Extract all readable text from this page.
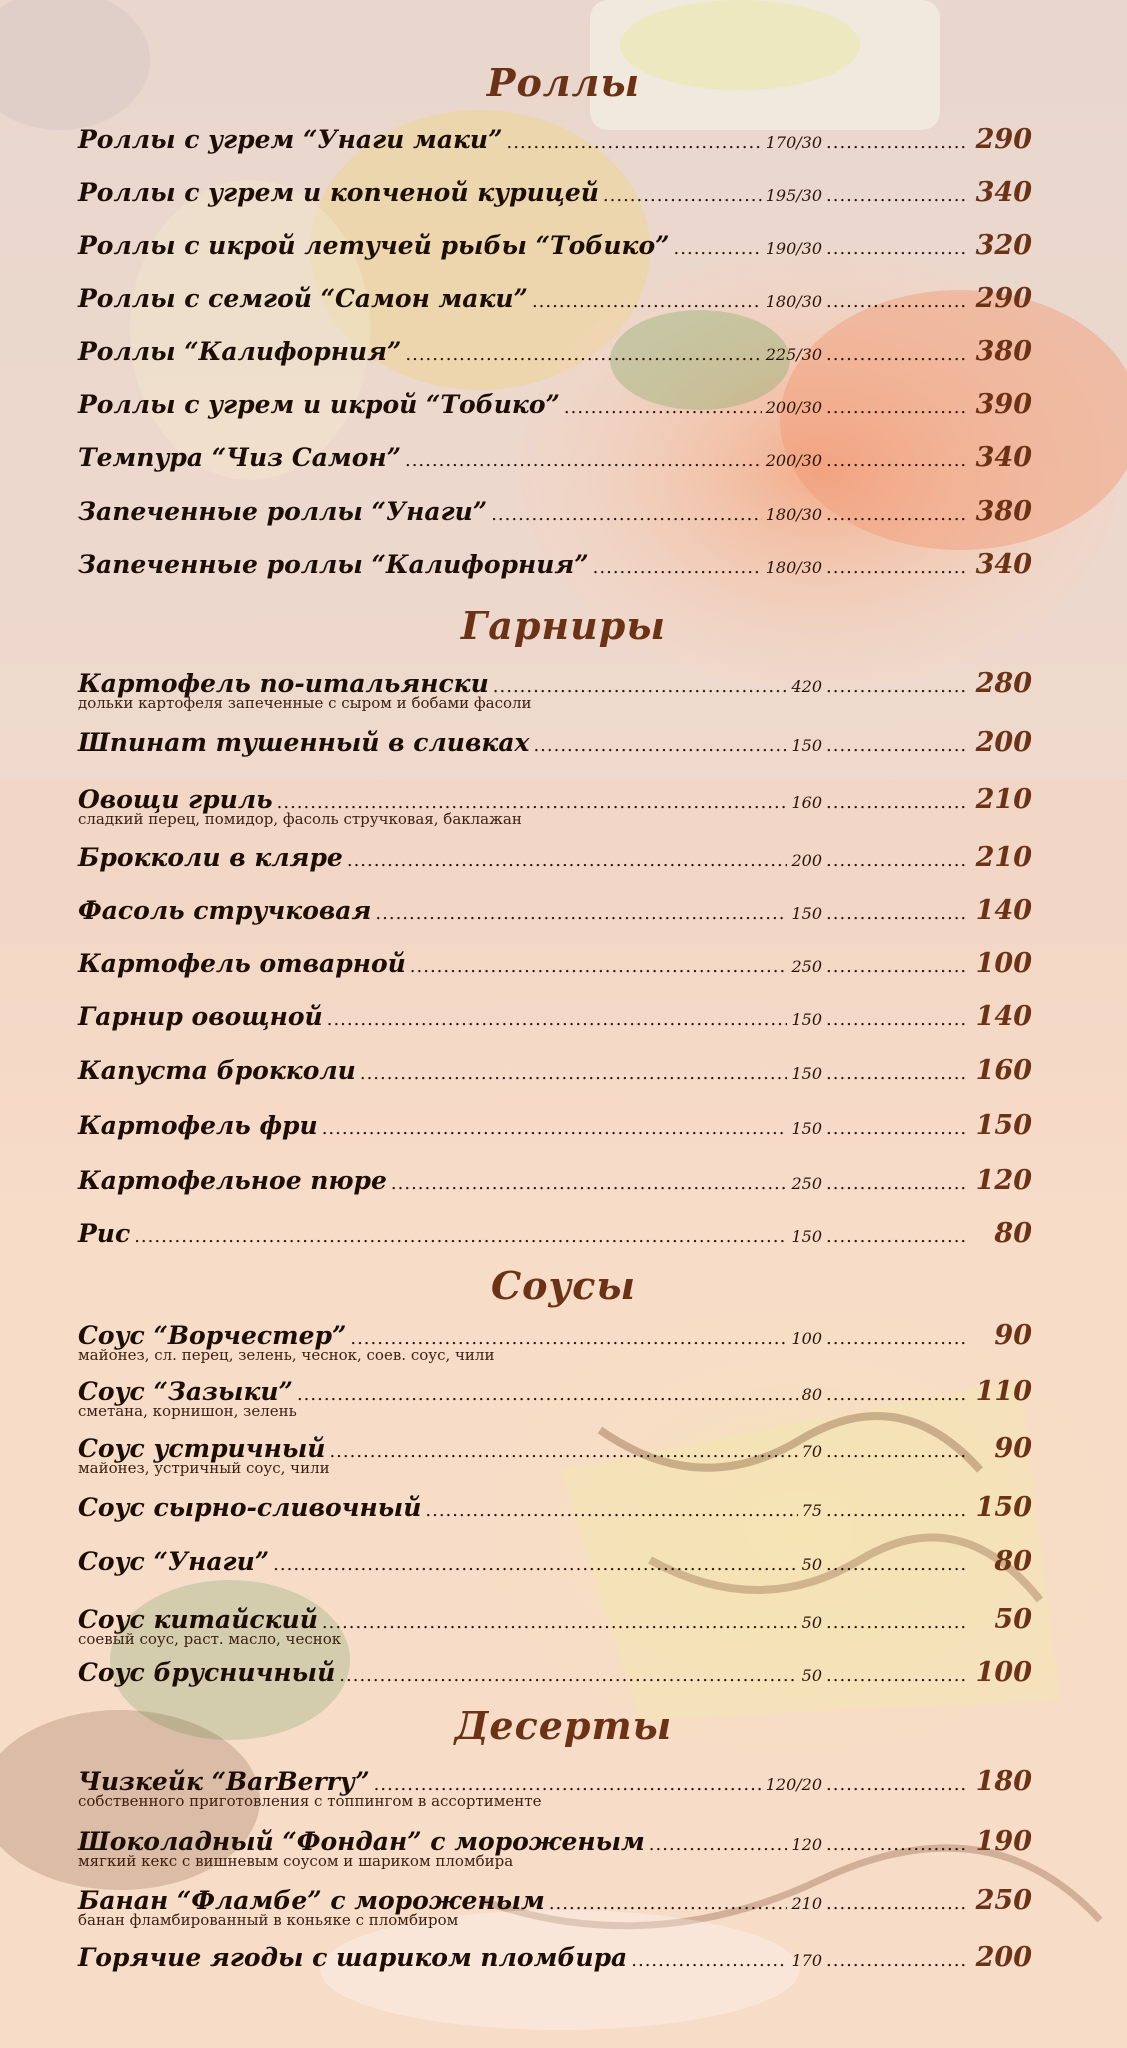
Роллы
Роллы с угрем “Унаги маки” .....	170/30 .....	290
Роллы с угрем и копченой курицей .....	195/30 .....	340
Роллы с икрой летучей рыбы “Тобико” .....	190/30 .....	320
Роллы с семгой “Самон маки” .....	180/30 .....	290
Роллы “Калифорния” .....	225/30 .....	380
Роллы с угрем и икрой “Тобико” .....	200/30 .....	390
Темпура “Чиз Самон” .....	200/30 .....	340
Запеченные роллы “Унаги” .....	180/30 .....	380
Запеченные роллы “Калифорния” .....	180/30 .....	340
Гарниры
Картофель по-итальянски .....	420 .....	280
дольки картофеля запеченные с сыром и бобами фасоли
Шпинат тушенный в сливках .....	150 .....	200
Овощи гриль .....	160 .....	210
сладкий перец, помидор, фасоль стручковая, баклажан
Брокколи в кляре .....	200 .....	210
Фасоль стручковая .....	150 .....	140
Картофель отварной .....	250 .....	100
Гарнир овощной .....	150 .....	140
Капуста брокколи .....	150 .....	160
Картофель фри .....	150 .....	150
Картофельное пюре .....	250 .....	120
Рис .....	150 .....	80
Соусы
Соус “Ворчестер” .....	100 .....	90
майонез, сл. перец, зелень, чеснок, соев. соус, чили
Соус “Зазыки” .....	80 .....	110
сметана, корнишон, зелень
Соус устричный .....	70 .....	90
майонез, устричный соус, чили
Соус сырно-сливочный .....	75 .....	150
Соус “Унаги” .....	50 .....	80
Соус китайский .....	50 .....	50
соевый соус, раст. масло, чеснок
Соус брусничный .....	50 .....	100
Десерты
Чизкейк “BarBerry” .....	120/20 .....	180
собственного приготовления с топпингом в ассортименте
Шоколадный “Фондан” с мороженым .....	120 .....	190
мягкий кекс с вишневым соусом и шариком пломбира
Банан “Фламбе” с мороженым .....	210 .....	250
банан фламбированный в коньяке с пломбиром
Горячие ягоды с шариком пломбира .....	170 .....	200
